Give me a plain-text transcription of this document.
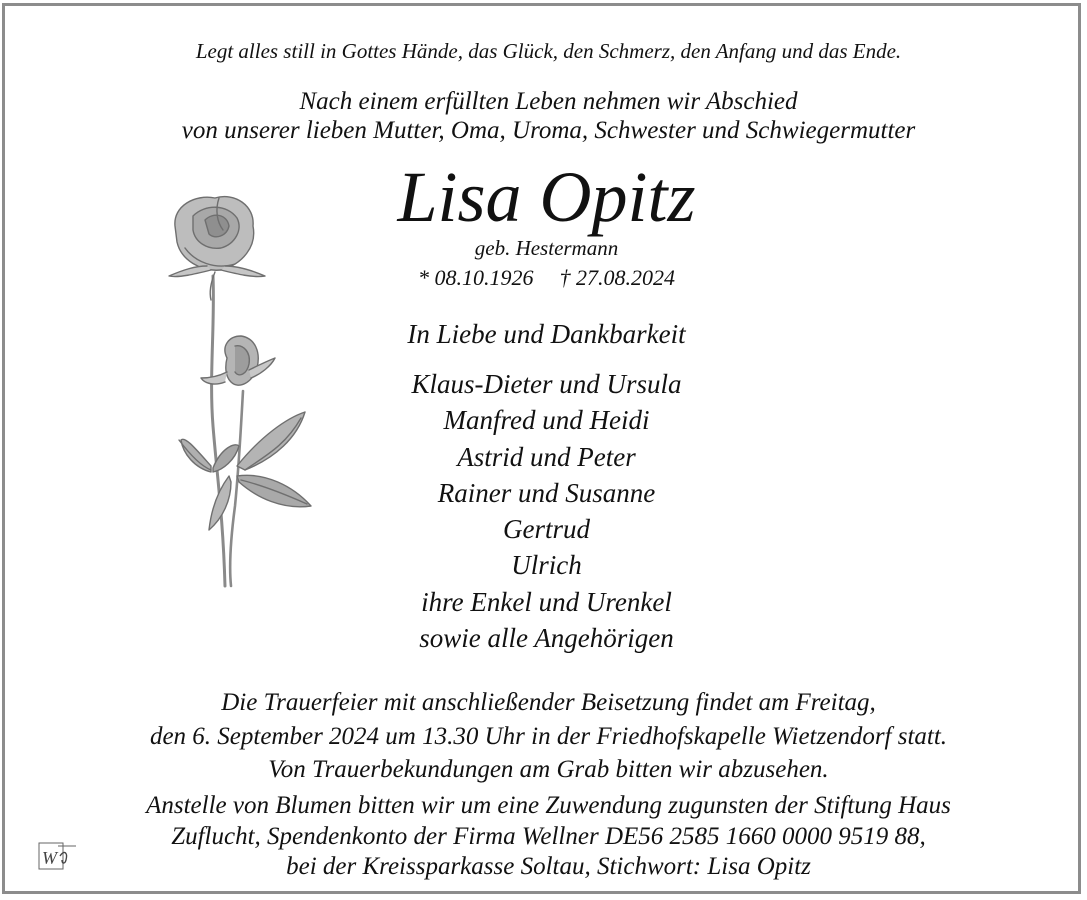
Legt alles still in Gottes Hände, das Glück, den Schmerz, den Anfang und das Ende.
Nach einem erfüllten Leben nehmen wir Abschied
von unserer lieben Mutter, Oma, Uroma, Schwester und Schwiegermutter
Lisa Opitz
geb. Hestermann
* 08.10.1926 † 27.08.2024
In Liebe und Dankbarkeit
Klaus-Dieter und Ursula
Manfred und Heidi
Astrid und Peter
Rainer und Susanne
Gertrud
Ulrich
ihre Enkel und Urenkel
sowie alle Angehörigen
Die Trauerfeier mit anschließender Beisetzung findet am Freitag,
den 6. September 2024 um 13.30 Uhr in der Friedhofskapelle Wietzendorf statt.
Von Trauerbekundungen am Grab bitten wir abzusehen.
Anstelle von Blumen bitten wir um eine Zuwendung zugunsten der Stiftung Haus
Zuflucht, Spendenkonto der Firma Wellner DE56 2585 1660 0000 9519 88,
bei der Kreissparkasse Soltau, Stichwort: Lisa Opitz
W
